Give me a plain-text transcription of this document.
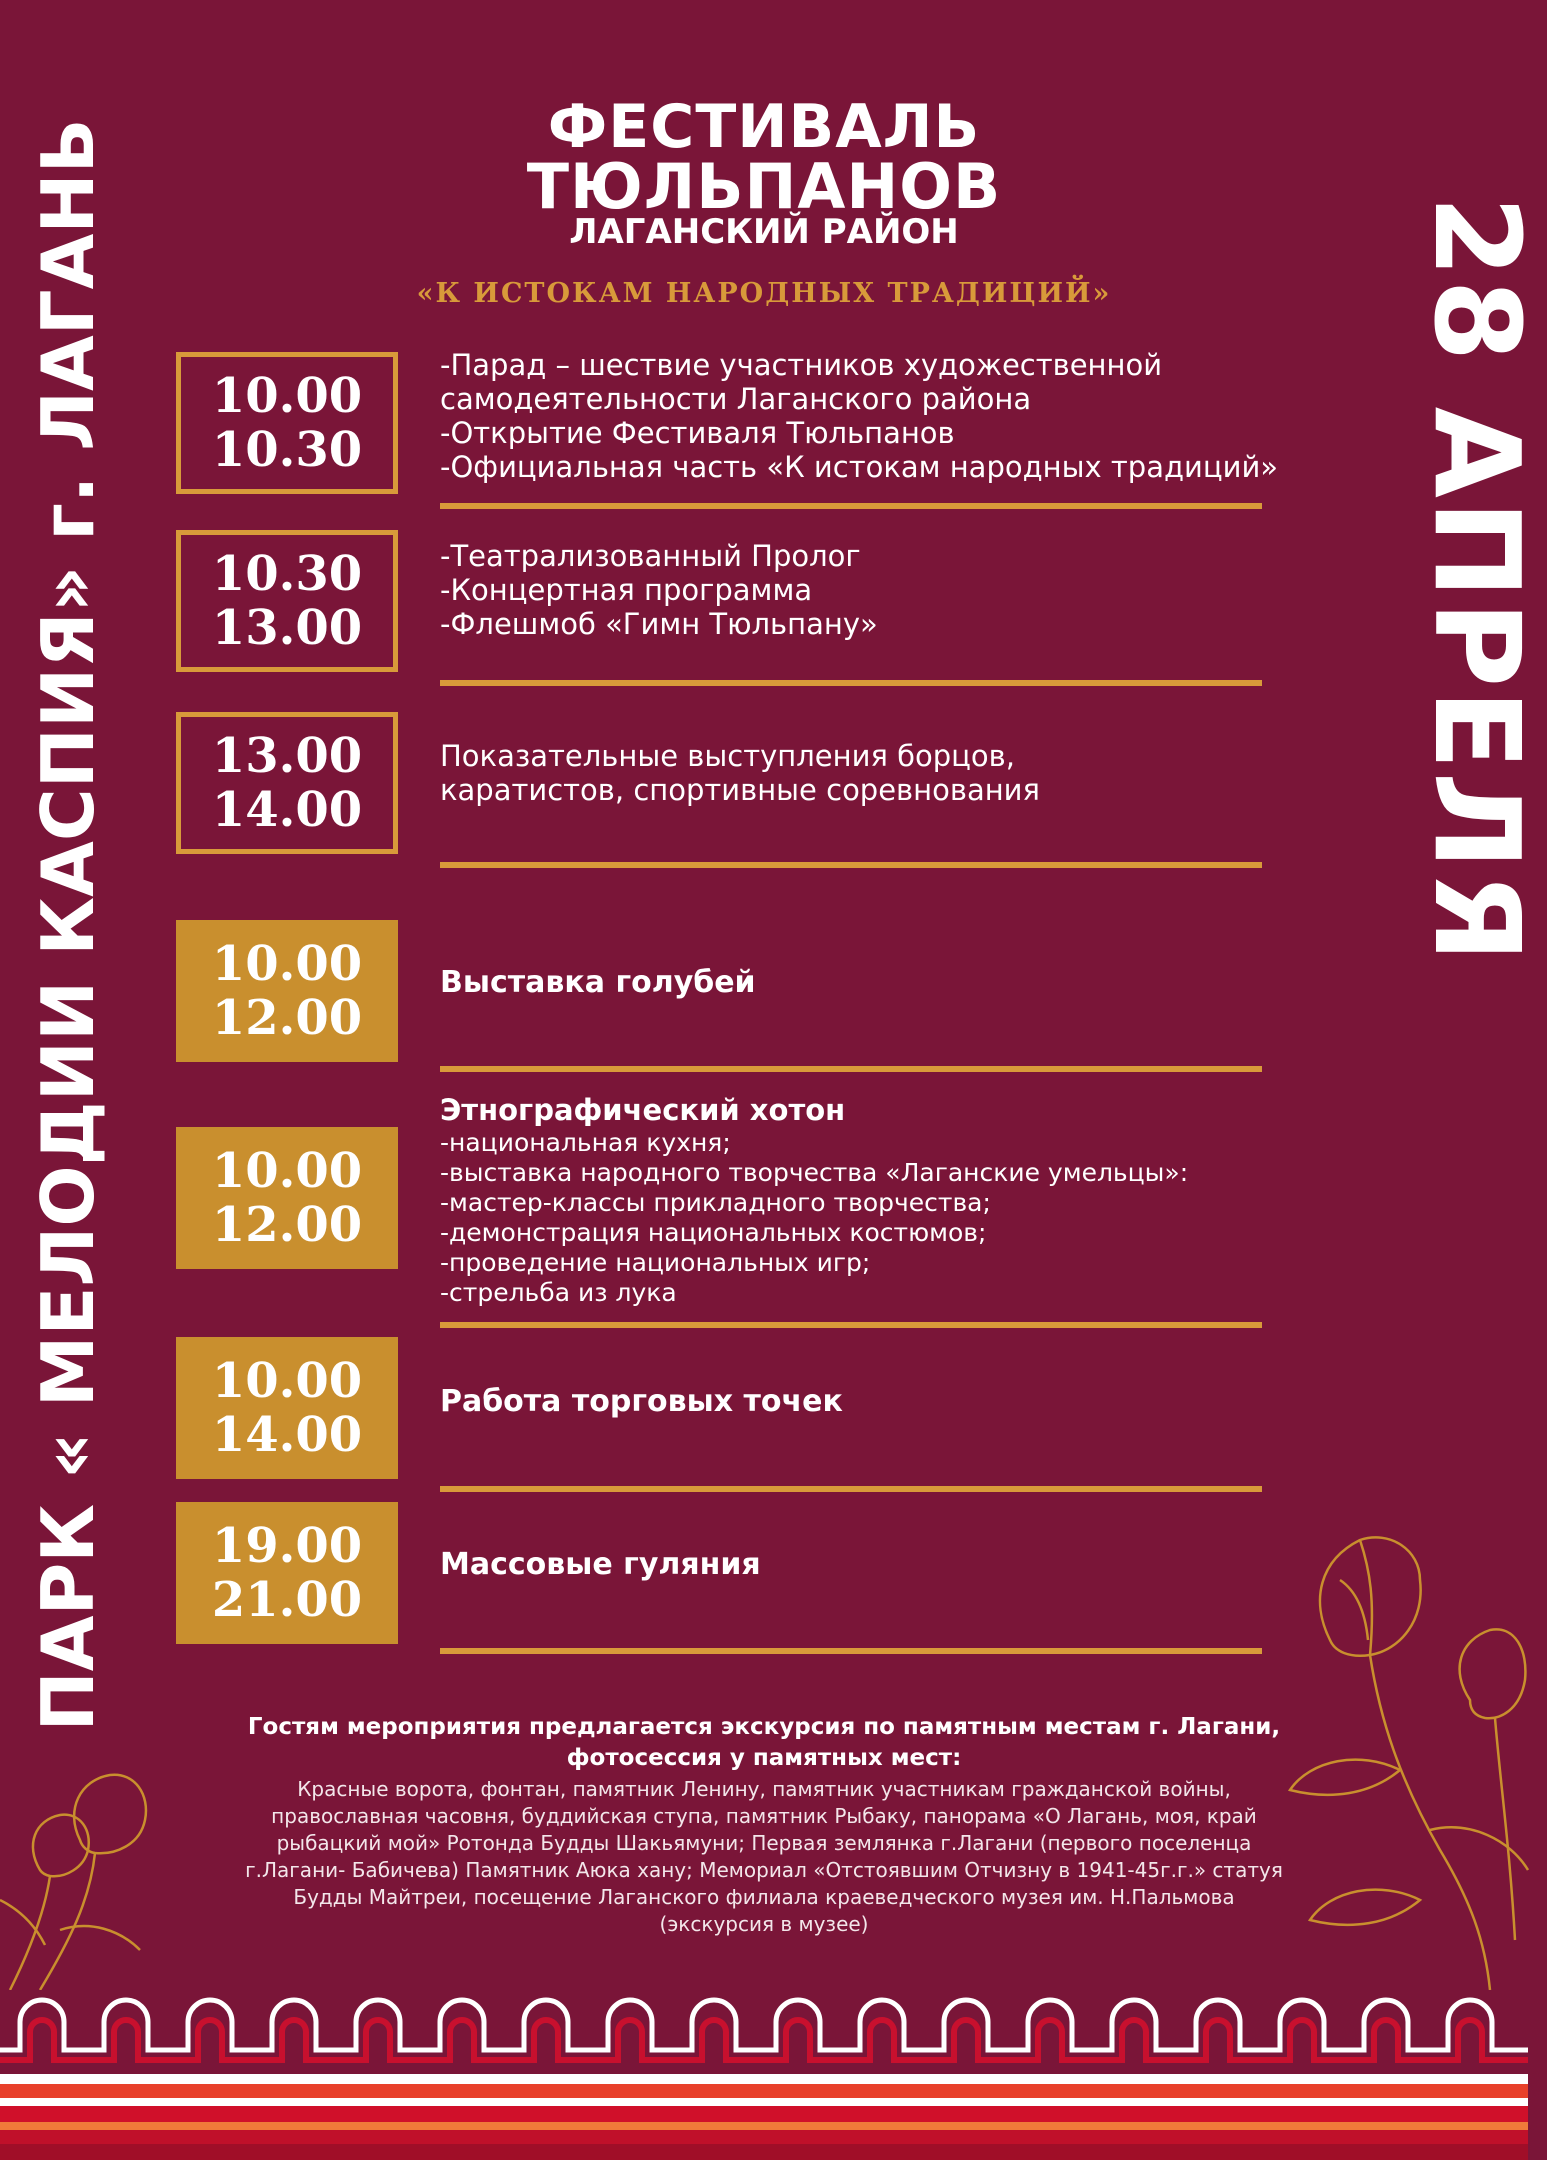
ФЕСТИВАЛЬ
ТЮЛЬПАНОВ
ЛАГАНСКИЙ РАЙОН
«К ИСТОКАМ НАРОДНЫХ ТРАДИЦИЙ»
ПАРК « МЕЛОДИИ КАСПИЯ» г. ЛАГАНЬ	28 АПРЕЛЯ
10.00
10.30
-Парад – шествие участников художественной
самодеятельности Лаганского района
-Открытие Фестиваля Тюльпанов
-Официальная часть «К истокам народных традиций»
10.30
13.00
-Театрализованный Пролог
-Концертная программа
-Флешмоб «Гимн Тюльпану»
13.00
14.00
Показательные выступления борцов,
каратистов, спортивные соревнования
10.00
12.00
Выставка голубей
10.00
12.00
Этнографический хотон
-национальная кухня;
-выставка народного творчества «Лаганские умельцы»:
-мастер-классы прикладного творчества;
-демонстрация национальных костюмов;
-проведение национальных игр;
-стрельба из лука
10.00
14.00
Работа торговых точек
19.00
21.00
Массовые гуляния
Гостям мероприятия предлагается экскурсия по памятным местам г. Лагани,
фотосессия у памятных мест:
Красные ворота, фонтан, памятник Ленину, памятник участникам гражданской войны,
православная часовня, буддийская ступа, памятник Рыбаку, панорама «О Лагань, моя, край
рыбацкий мой» Ротонда Будды Шакьямуни; Первая землянка г.Лагани (первого поселенца
г.Лагани- Бабичева) Памятник Аюка хану; Мемориал «Отстоявшим Отчизну в 1941-45г.г.» статуя
Будды Майтреи, посещение Лаганского филиала краеведческого музея им. Н.Пальмова
(экскурсия в музее)
